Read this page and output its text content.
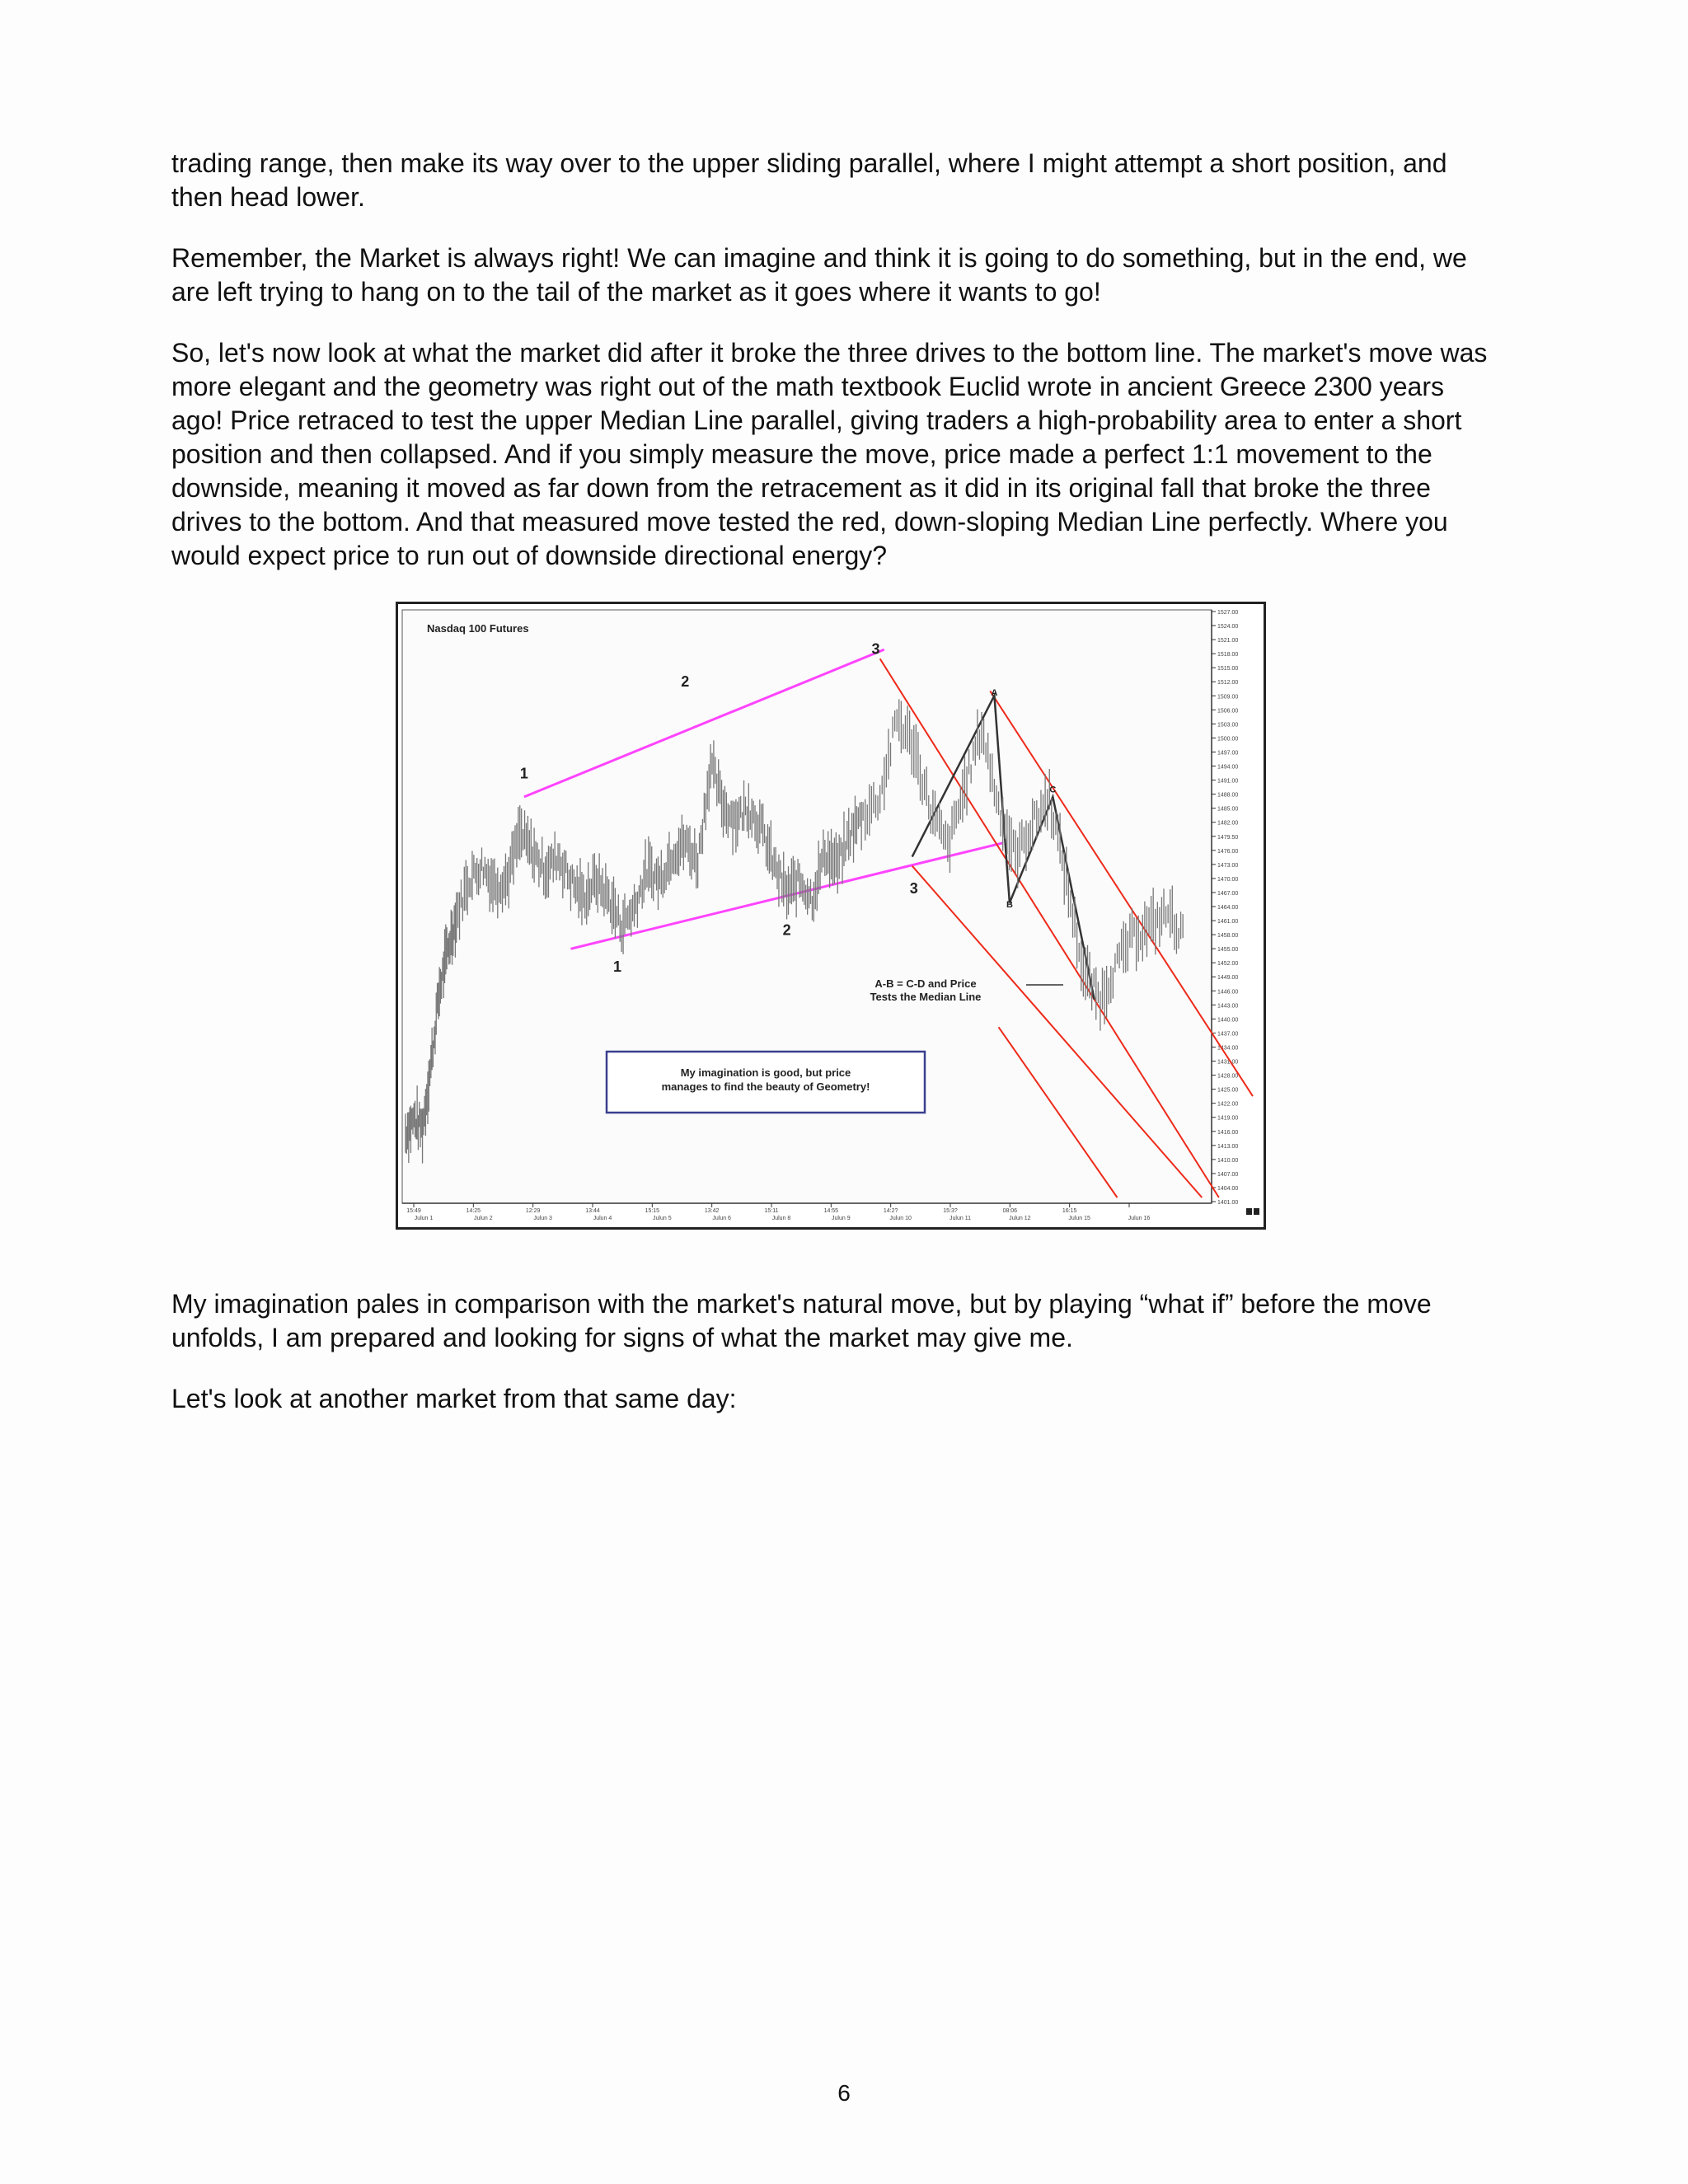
trading range, then make its way over to the upper sliding parallel, where I might attempt a short position, and then head lower.

Remember, the Market is always right! We can imagine and think it is going to do something, but in the end, we are left trying to hang on to the tail of the market as it goes where it wants to go!

So, let's now look at what the market did after it broke the three drives to the bottom line. The market's move was more elegant and the geometry was right out of the math textbook Euclid wrote in ancient Greece 2300 years ago! Price retraced to test the upper Median Line parallel, giving traders a high-probability area to enter a short position and then collapsed. And if you simply measure the move, price made a perfect 1:1 movement to the downside, meaning it moved as far down from the retracement as it did in its original fall that broke the three drives to the bottom. And that measured move tested the red, down-sloping Median Line perfectly. Where you would expect price to run out of downside directional energy?

1527.00
1524.00
1521.00
1518.00
1515.00
1512.00
1509.00
1506.00
1503.00
1500.00
1497.00
1494.00
1491.00
1488.00
1485.00
1482.00
1479.50
1476.00
1473.00
1470.00
1467.00
1464.00
1461.00
1458.00
1455.00
1452.00
1449.00
1446.00
1443.00
1440.00
1437.00
1434.00
1431.00
1428.00
1425.00
1422.00
1419.00
1416.00
1413.00
1410.00
1407.00
1404.00
1401.00
15:49
Julun 1
14:25
Julun 2
12:29
Julun 3
13:44
Julun 4
15:15
Julun 5
13:42
Julun 6
15:11
Julun 8
14:55
Julun 9
14:2?
Julun 10
15:3?
Julun 11
08:06
Julun 12
16:15
Julun 15	Julun 16
1
2
3
1
2
3
A
B
C
Nasdaq 100 Futures
A-B = C-D and Price
Tests the Median Line
My imagination is good, but price
manages to find the beauty of Geometry!

My imagination pales in comparison with the market's natural move, but by playing “what if” before the move unfolds, I am prepared and looking for signs of what the market may give me.

Let's look at another market from that same day:

6
